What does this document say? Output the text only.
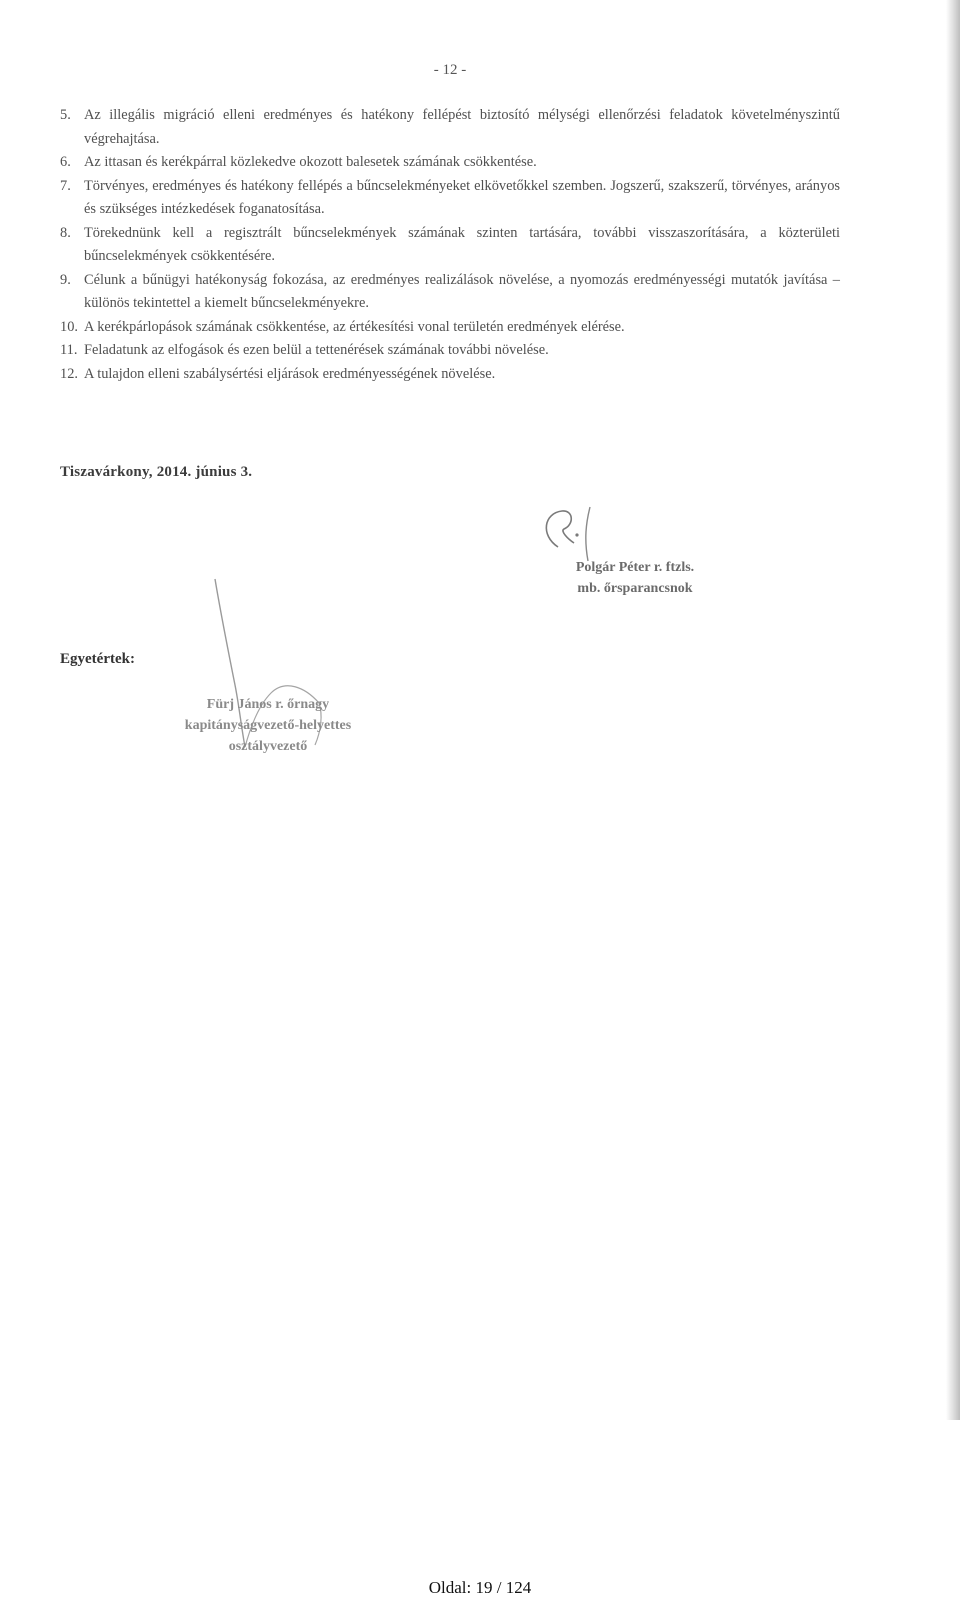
- 12 -
5. Az illegális migráció elleni eredményes és hatékony fellépést biztosító mélységi ellenőrzési feladatok követelményszintű végrehajtása.
6. Az ittasan és kerékpárral közlekedve okozott balesetek számának csökkentése.
7. Törvényes, eredményes és hatékony fellépés a bűncselekményeket elkövetőkkel szemben. Jogszerű, szakszerű, törvényes, arányos és szükséges intézkedések foganatosítása.
8. Törekednünk kell a regisztrált bűncselekmények számának szinten tartására, további visszaszorítására, a közterületi bűncselekmények csökkentésére.
9. Célunk a bűnügyi hatékonyság fokozása, az eredményes realizálások növelése, a nyomozás eredményességi mutatók javítása – különös tekintettel a kiemelt bűncselekményekre.
10. A kerékpárlopások számának csökkentése, az értékesítési vonal területén eredmények elérése.
11. Feladatunk az elfogások és ezen belül a tettenérések számának további növelése.
12. A tulajdon elleni szabálysértési eljárások eredményességének növelése.
Tiszavárkony, 2014. június 3.
Polgár Péter r. ftzls.
mb. őrsparancsnok
Egyetértek:
Fürj János r. őrnagy
kapitányságvezető-helyettes
osztályvezető
Oldal: 19 / 124
